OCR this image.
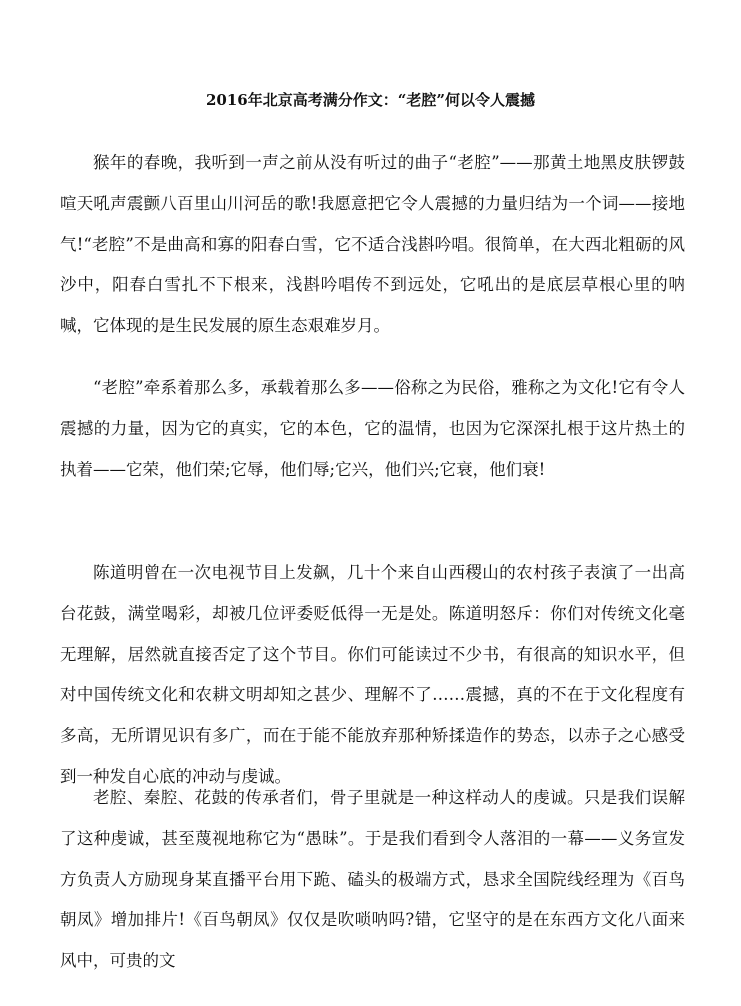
2016年北京高考满分作文：“老腔”何以令人震撼

猴年的春晚，我听到一声之前从没有听过的曲子“老腔”——那黄土地黑皮肤锣鼓喧天吼声震颤八百里山川河岳的歌!我愿意把它令人震撼的力量归结为一个词——接地气!“老腔”不是曲高和寡的阳春白雪，它不适合浅斟吟唱。很简单，在大西北粗砺的风沙中，阳春白雪扎不下根来，浅斟吟唱传不到远处，它吼出的是底层草根心里的呐喊，它体现的是生民发展的原生态艰难岁月。

“老腔”牵系着那么多，承载着那么多——俗称之为民俗，雅称之为文化!它有令人震撼的力量，因为它的真实，它的本色，它的温情，也因为它深深扎根于这片热土的执着——它荣，他们荣;它辱，他们辱;它兴，他们兴;它衰，他们衰!

陈道明曾在一次电视节目上发飙，几十个来自山西稷山的农村孩子表演了一出高台花鼓，满堂喝彩，却被几位评委贬低得一无是处。陈道明怒斥：你们对传统文化毫无理解，居然就直接否定了这个节目。你们可能读过不少书，有很高的知识水平，但对中国传统文化和农耕文明却知之甚少、理解不了……震撼，真的不在于文化程度有多高，无所谓见识有多广，而在于能不能放弃那种矫揉造作的势态，以赤子之心感受到一种发自心底的冲动与虔诚。

老腔、秦腔、花鼓的传承者们，骨子里就是一种这样动人的虔诚。只是我们误解了这种虔诚，甚至蔑视地称它为“愚昧”。于是我们看到令人落泪的一幕——义务宣发方负责人方励现身某直播平台用下跪、磕头的极端方式，恳求全国院线经理为《百鸟朝凤》增加排片!《百鸟朝凤》仅仅是吹唢呐吗?错，它坚守的是在东西方文化八面来风中，可贵的文
